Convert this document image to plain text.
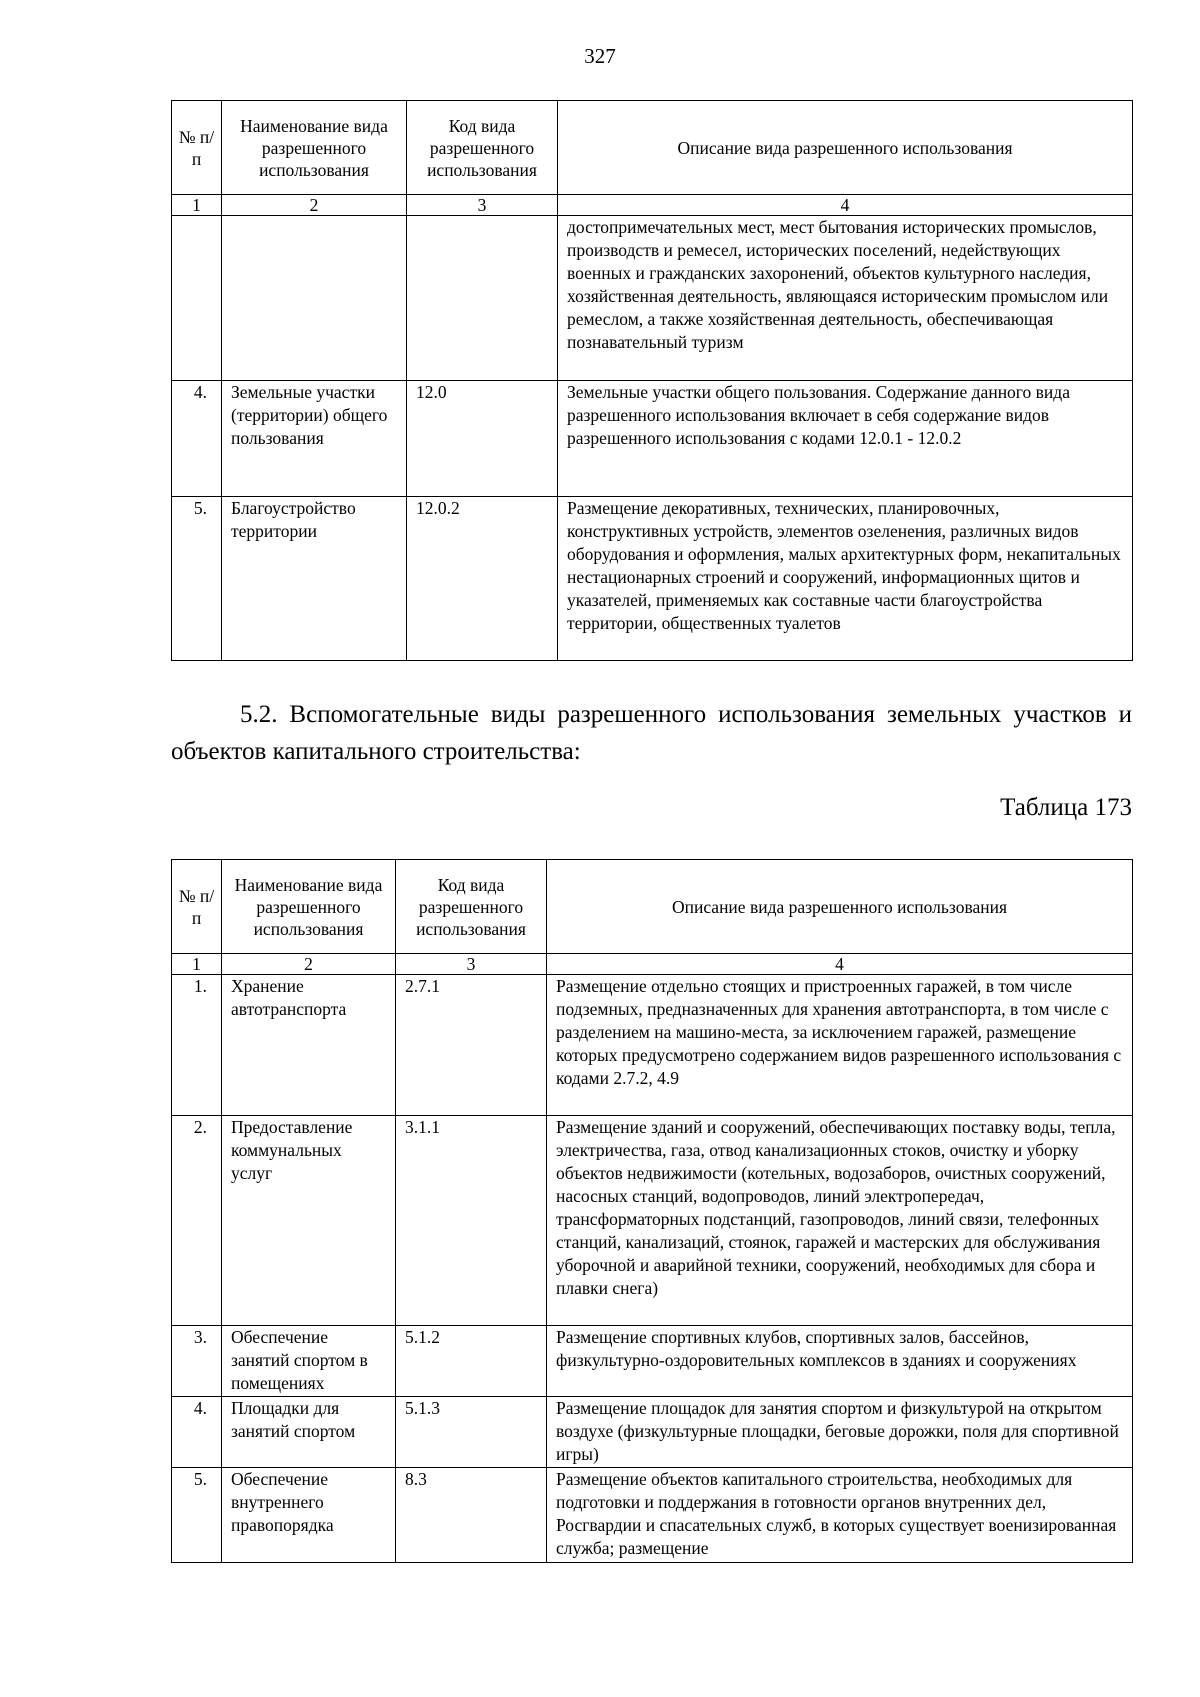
327
№ п/п	Наименование вида разрешенного использования	Код вида разрешенного использования	Описание вида разрешенного использования
1	2	3	4
			достопримечательных мест, мест бытования исторических промыслов, производств и ремесел, исторических поселений, недействующих военных и гражданских захоронений, объектов культурного наследия, хозяйственная деятельность, являющаяся историческим промыслом или ремеслом, а также хозяйственная деятельность, обеспечивающая познавательный туризм
4.	Земельные участки (территории) общего пользования	12.0	Земельные участки общего пользования. Содержание данного вида разрешенного использования включает в себя содержание видов разрешенного использования с кодами 12.0.1 - 12.0.2
5.	Благоустройство территории	12.0.2	Размещение декоративных, технических, планировочных, конструктивных устройств, элементов озеленения, различных видов оборудования и оформления, малых архитектурных форм, некапитальных нестационарных строений и сооружений, информационных щитов и указателей, применяемых как составные части благоустройства территории, общественных туалетов

5.2. Вспомогательные виды разрешенного использования земельных участков и объектов капитального строительства:

Таблица 173

№ п/п	Наименование вида разрешенного использования	Код вида разрешенного использования	Описание вида разрешенного использования
1	2	3	4
1.	Хранение автотранспорта	2.7.1	Размещение отдельно стоящих и пристроенных гаражей, в том числе подземных, предназначенных для хранения автотранспорта, в том числе с разделением на машино-места, за исключением гаражей, размещение которых предусмотрено содержанием видов разрешенного использования с кодами 2.7.2, 4.9
2.	Предоставление коммунальных услуг	3.1.1	Размещение зданий и сооружений, обеспечивающих поставку воды, тепла, электричества, газа, отвод канализационных стоков, очистку и уборку объектов недвижимости (котельных, водозаборов, очистных сооружений, насосных станций, водопроводов, линий электропередач, трансформаторных подстанций, газопроводов, линий связи, телефонных станций, канализаций, стоянок, гаражей и мастерских для обслуживания уборочной и аварийной техники, сооружений, необходимых для сбора и плавки снега)
3.	Обеспечение занятий спортом в помещениях	5.1.2	Размещение спортивных клубов, спортивных залов, бассейнов, физкультурно-оздоровительных комплексов в зданиях и сооружениях
4.	Площадки для занятий спортом	5.1.3	Размещение площадок для занятия спортом и физкультурой на открытом воздухе (физкультурные площадки, беговые дорожки, поля для спортивной игры)
5.	Обеспечение внутреннего правопорядка	8.3	Размещение объектов капитального строительства, необходимых для подготовки и поддержания в готовности органов внутренних дел, Росгвардии и спасательных служб, в которых существует военизированная служба; размещение
